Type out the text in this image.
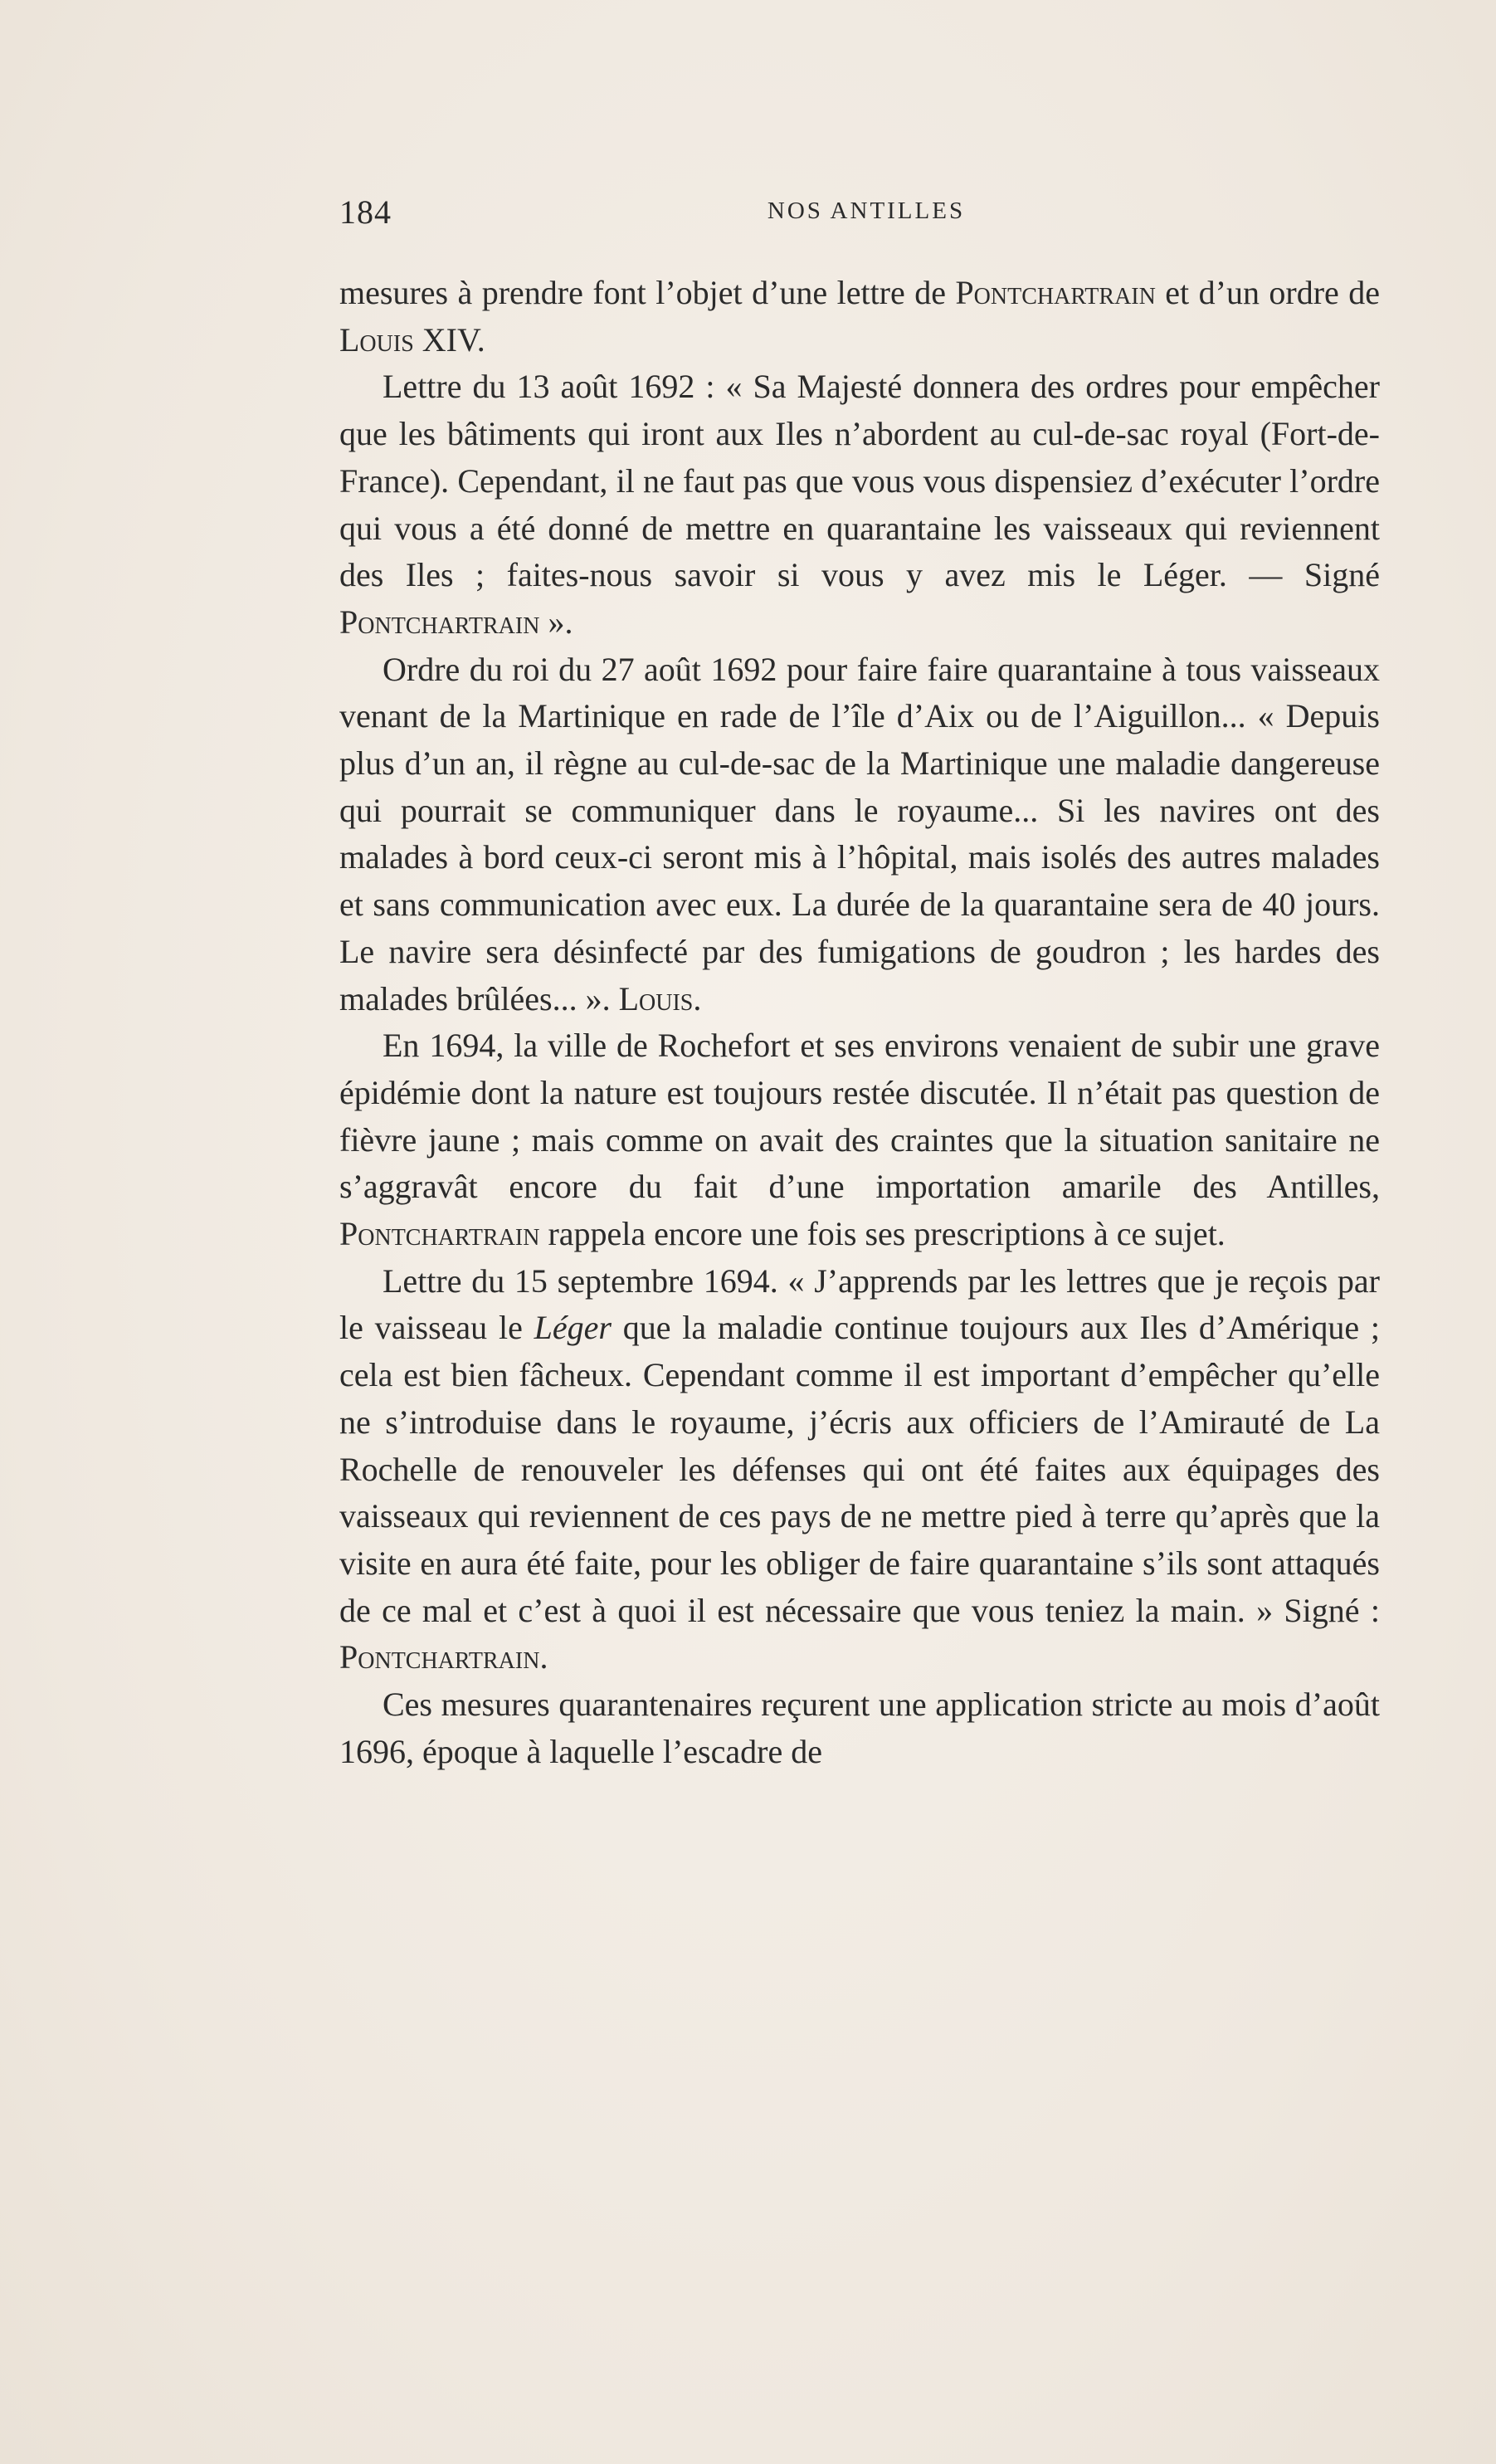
184	NOS ANTILLES

mesures à prendre font l’objet d’une lettre de Pontchartrain et d’un ordre de Louis XIV.

Lettre du 13 août 1692 : « Sa Majesté donnera des ordres pour empêcher que les bâtiments qui iront aux Iles n’abordent au cul-de-sac royal (Fort-de-France). Cependant, il ne faut pas que vous vous dispensiez d’exécuter l’ordre qui vous a été donné de mettre en quarantaine les vaisseaux qui reviennent des Iles ; faites-nous savoir si vous y avez mis le Léger. — Signé Pontchartrain ».

Ordre du roi du 27 août 1692 pour faire faire quarantaine à tous vaisseaux venant de la Martinique en rade de l’île d’Aix ou de l’Aiguillon... « Depuis plus d’un an, il règne au cul-de-sac de la Martinique une maladie dangereuse qui pourrait se communiquer dans le royaume... Si les navires ont des malades à bord ceux-ci seront mis à l’hôpital, mais isolés des autres malades et sans communication avec eux. La durée de la quarantaine sera de 40 jours. Le navire sera désinfecté par des fumigations de goudron ; les hardes des malades brûlées... ». Louis.

En 1694, la ville de Rochefort et ses environs venaient de subir une grave épidémie dont la nature est toujours restée discutée. Il n’était pas question de fièvre jaune ; mais comme on avait des craintes que la situation sanitaire ne s’aggravât encore du fait d’une importation amarile des Antilles, Pontchartrain rappela encore une fois ses prescriptions à ce sujet.

Lettre du 15 septembre 1694. « J’apprends par les lettres que je reçois par le vaisseau le Léger que la maladie continue toujours aux Iles d’Amérique ; cela est bien fâcheux. Cependant comme il est important d’empêcher qu’elle ne s’introduise dans le royaume, j’écris aux officiers de l’Amirauté de La Rochelle de renouveler les défenses qui ont été faites aux équipages des vaisseaux qui reviennent de ces pays de ne mettre pied à terre qu’après que la visite en aura été faite, pour les obliger de faire quarantaine s’ils sont attaqués de ce mal et c’est à quoi il est nécessaire que vous teniez la main. » Signé : Pontchartrain.

Ces mesures quarantenaires reçurent une application stricte au mois d’août 1696, époque à laquelle l’escadre de
